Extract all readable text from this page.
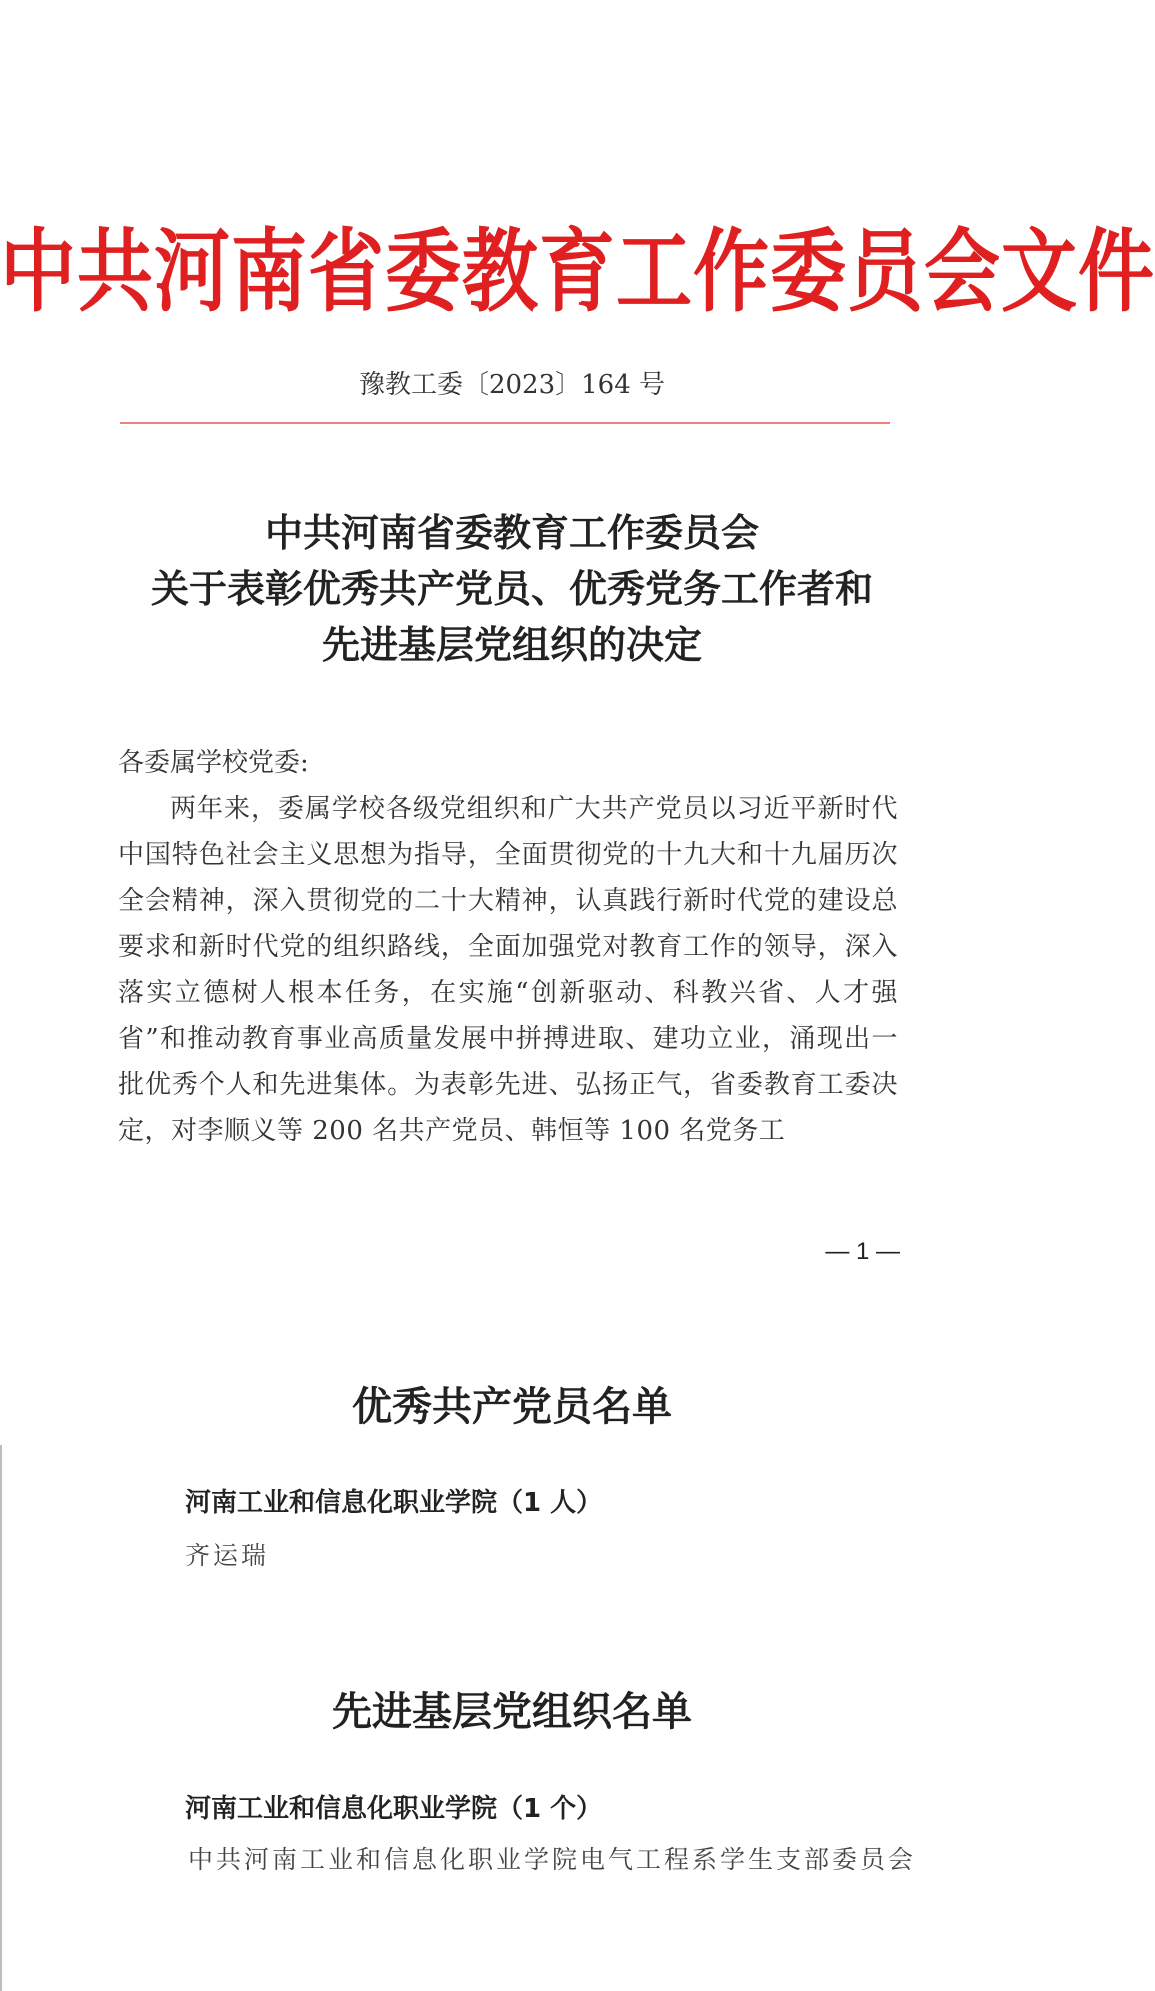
中共河南省委教育工作委员会文件
豫教工委〔2023〕164 号
中共河南省委教育工作委员会
关于表彰优秀共产党员、优秀党务工作者和
先进基层党组织的决定
各委属学校党委:
两年来，委属学校各级党组织和广大共产党员以习近平新时代中国特色社会主义思想为指导，全面贯彻党的十九大和十九届历次全会精神，深入贯彻党的二十大精神，认真践行新时代党的建设总要求和新时代党的组织路线，全面加强党对教育工作的领导，深入落实立德树人根本任务，在实施“创新驱动、科教兴省、人才强省”和推动教育事业高质量发展中拼搏进取、建功立业，涌现出一批优秀个人和先进集体。为表彰先进、弘扬正气，省委教育工委决定，对李顺义等 200 名共产党员、韩恒等 100 名党务工
— 1 —
优秀共产党员名单
河南工业和信息化职业学院（1 人）
齐运瑞
先进基层党组织名单
河南工业和信息化职业学院（1 个）
中共河南工业和信息化职业学院电气工程系学生支部委员会
